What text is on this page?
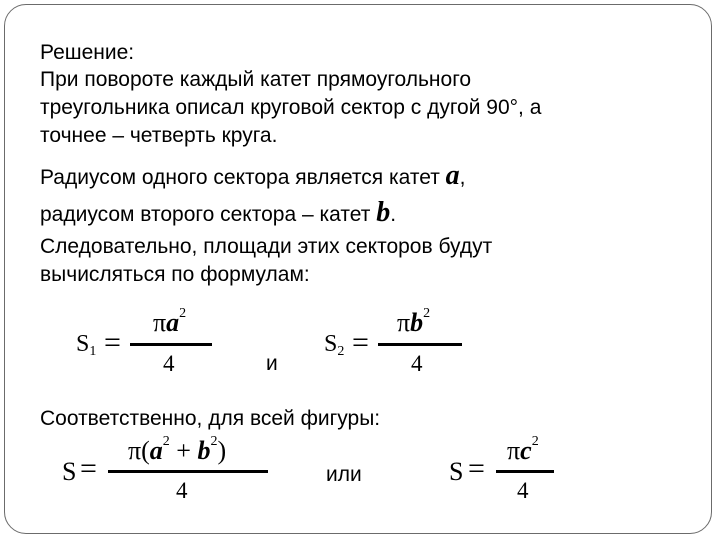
Решение:
При повороте каждый катет прямоугольного
треугольника описал круговой сектор с дугой 90°, а
точнее – четверть круга.
Радиусом одного сектора является катет a,
радиусом второго сектора – катет b.
Следовательно, площади этих секторов будут
вычисляться по формулам:
$S_1$ =
$\pi a^2$
4	и
$S_2$ =
$\pi b^2$
4
Соответственно, для всей фигуры:
S =
$\pi(a^2 + b^2)$
4
или	S =
$\pi c^2$
4
